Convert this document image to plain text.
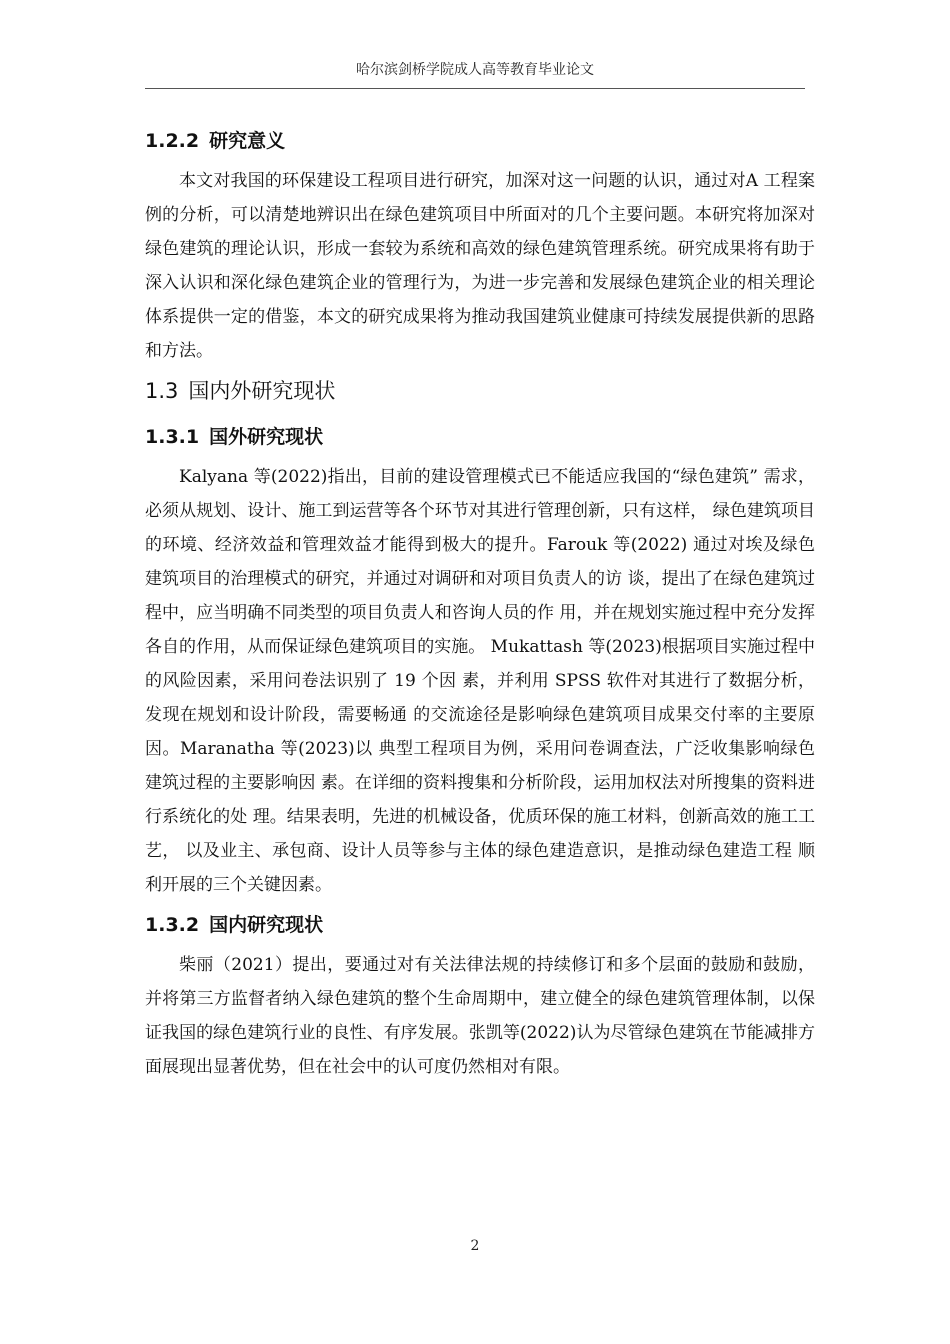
哈尔滨剑桥学院成人高等教育毕业论文
1.2.2 研究意义

本文对我国的环保建设工程项目进行研究，加深对这一问题的认识，通过对A 工程案例的分析，可以清楚地辨识出在绿色建筑项目中所面对的几个主要问题。本研究将加深对绿色建筑的理论认识，形成一套较为系统和高效的绿色建筑管理系统。研究成果将有助于深入认识和深化绿色建筑企业的管理行为，为进一步完善和发展绿色建筑企业的相关理论体系提供一定的借鉴，本文的研究成果将为推动我国建筑业健康可持续发展提供新的思路和方法。

1.3 国内外研究现状
1.3.1 国外研究现状

Kalyana 等(2022)指出，目前的建设管理模式已不能适应我国的“绿色建筑” 需求，必须从规划、设计、施工到运营等各个环节对其进行管理创新，只有这样， 绿色建筑项目的环境、经济效益和管理效益才能得到极大的提升。Farouk 等(2022) 通过对埃及绿色建筑项目的治理模式的研究，并通过对调研和对项目负责人的访 谈，提出了在绿色建筑过程中，应当明确不同类型的项目负责人和咨询人员的作 用，并在规划实施过程中充分发挥各自的作用，从而保证绿色建筑项目的实施。 Mukattash 等(2023)根据项目实施过程中的风险因素，采用问卷法识别了 19 个因 素，并利用 SPSS 软件对其进行了数据分析，发现在规划和设计阶段，需要畅通 的交流途径是影响绿色建筑项目成果交付率的主要原因。Maranatha 等(2023)以 典型工程项目为例，采用问卷调查法，广泛收集影响绿色建筑过程的主要影响因 素。在详细的资料搜集和分析阶段，运用加权法对所搜集的资料进行系统化的处 理。结果表明，先进的机械设备，优质环保的施工材料，创新高效的施工工艺， 以及业主、承包商、设计人员等参与主体的绿色建造意识，是推动绿色建造工程 顺利开展的三个关键因素。

1.3.2 国内研究现状

柴丽（2021）提出，要通过对有关法律法规的持续修订和多个层面的鼓励和鼓励，并将第三方监督者纳入绿色建筑的整个生命周期中，建立健全的绿色建筑管理体制，以保证我国的绿色建筑行业的良性、有序发展。张凯等(2022)认为尽管绿色建筑在节能减排方面展现出显著优势，但在社会中的认可度仍然相对有限。

2
